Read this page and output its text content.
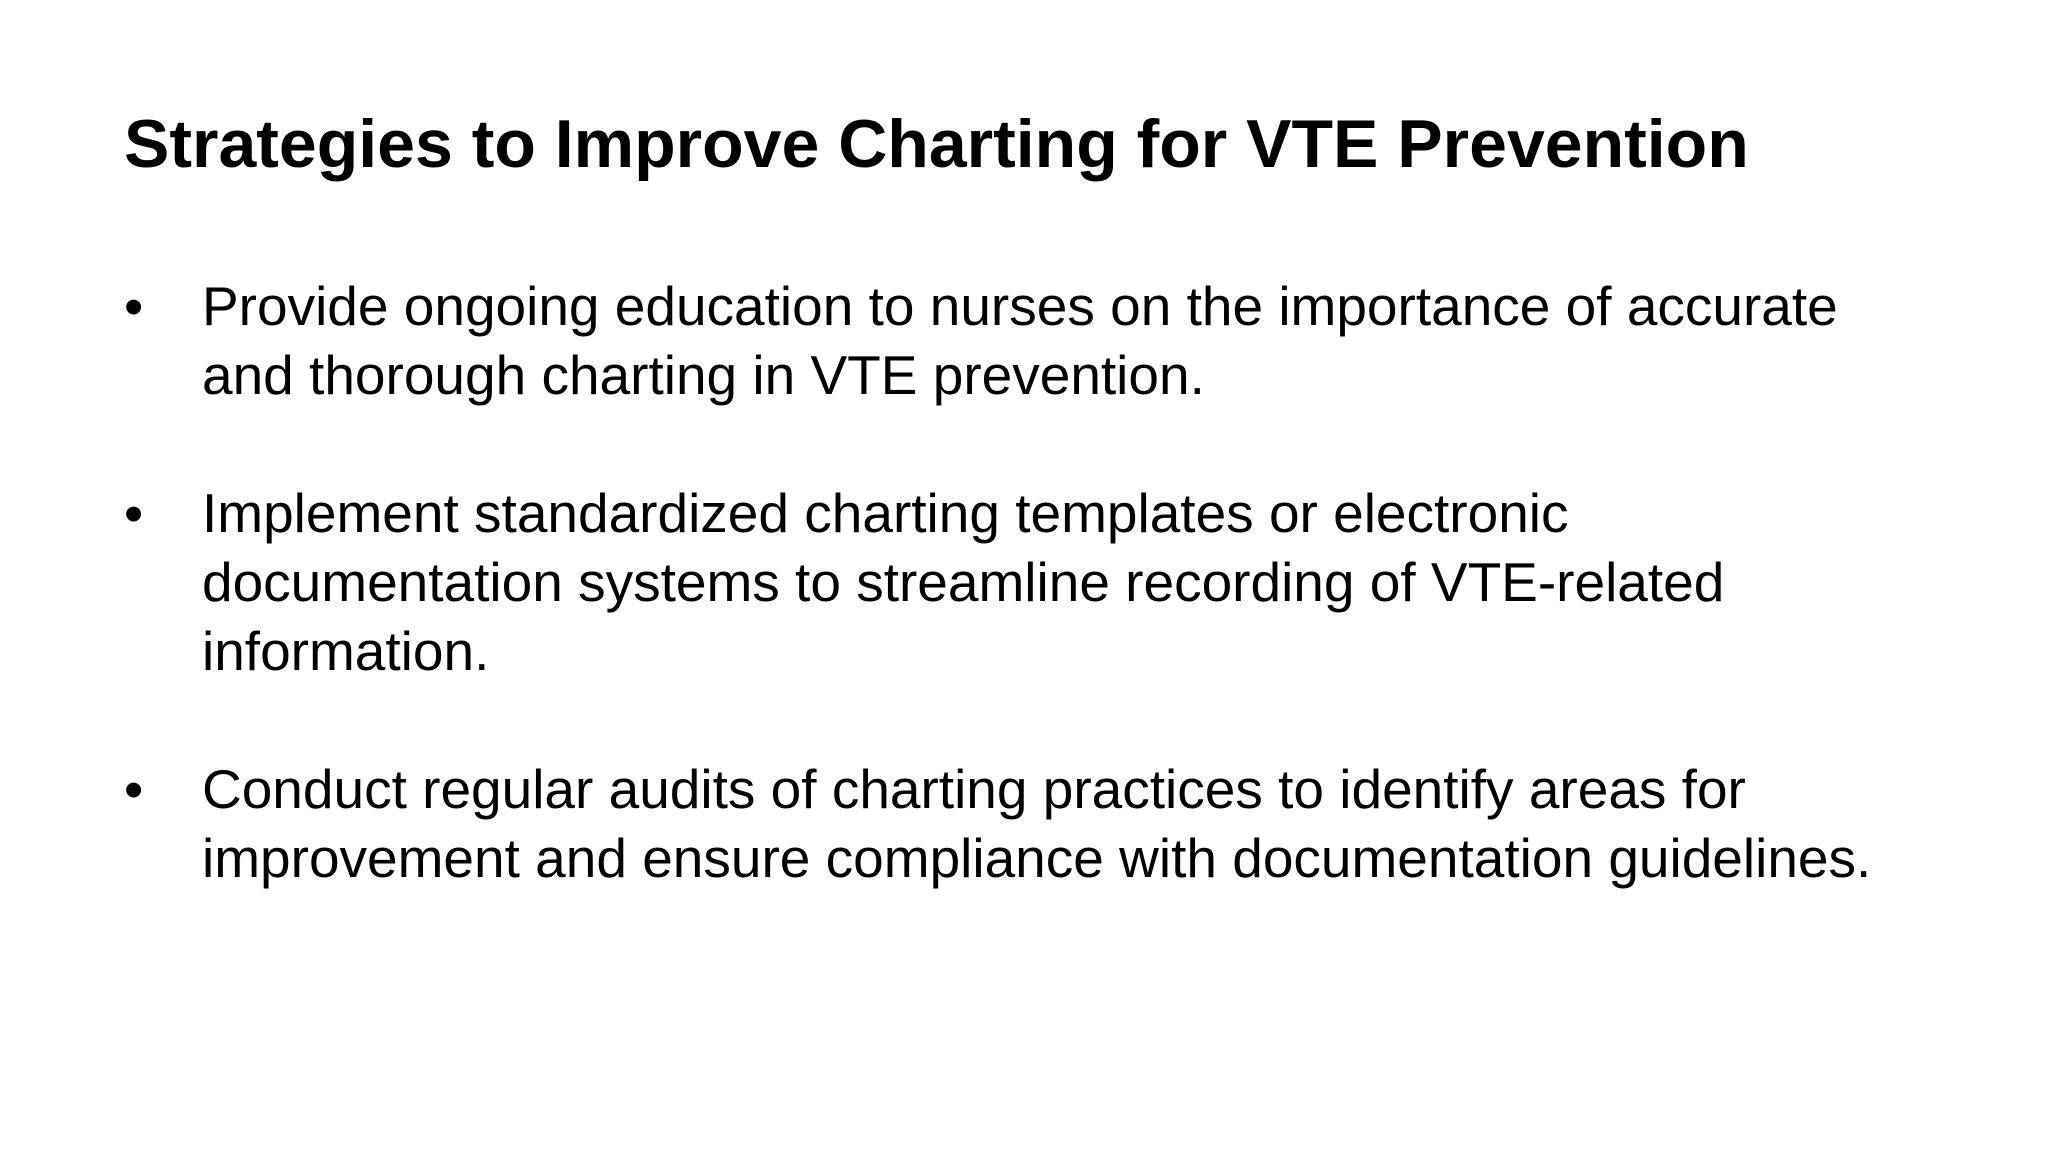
Strategies to Improve Charting for VTE Prevention
•	Provide ongoing education to nurses on the importance of accurate and thorough charting in VTE prevention.
•	Implement standardized charting templates or electronic documentation systems to streamline recording of VTE-related information.
•	Conduct regular audits of charting practices to identify areas for improvement and ensure compliance with documentation guidelines.
